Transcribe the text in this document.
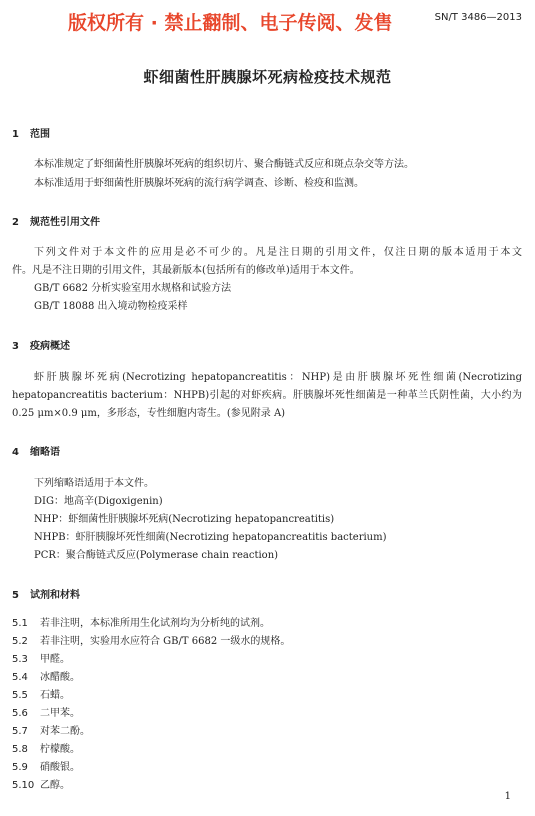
版权所有 · 禁止翻制、电子传阅、发售	SN/T 3486—2013
虾细菌性肝胰腺坏死病检疫技术规范
1 范围
本标准规定了虾细菌性肝胰腺坏死病的组织切片、聚合酶链式反应和斑点杂交等方法。
本标准适用于虾细菌性肝胰腺坏死病的流行病学调查、诊断、检疫和监测。
2 规范性引用文件
下列文件对于本文件的应用是必不可少的。凡是注日期的引用文件，仅注日期的版本适用于本文
件。凡是不注日期的引用文件，其最新版本(包括所有的修改单)适用于本文件。
GB/T 6682 分析实验室用水规格和试验方法
GB/T 18088 出入境动物检疫采样
3 疫病概述
虾肝胰腺坏死病(Necrotizing hepatopancreatitis：NHP)是由肝胰腺坏死性细菌(Necrotizing
hepatopancreatitis bacterium：NHPB)引起的对虾疾病。肝胰腺坏死性细菌是一种革兰氏阴性菌，大小约为
0.25 μm×0.9 μm，多形态，专性细胞内寄生。(参见附录 A)
4 缩略语
下列缩略语适用于本文件。
DIG：地高辛(Digoxigenin)
NHP：虾细菌性肝胰腺坏死病(Necrotizing hepatopancreatitis)
NHPB：虾肝胰腺坏死性细菌(Necrotizing hepatopancreatitis bacterium)
PCR：聚合酶链式反应(Polymerase chain reaction)
5 试剂和材料
5.1 若非注明，本标准所用生化试剂均为分析纯的试剂。
5.2 若非注明，实验用水应符合 GB/T 6682 一级水的规格。
5.3 甲醛。
5.4 冰醋酸。
5.5 石蜡。
5.6 二甲苯。
5.7 对苯二酚。
5.8 柠檬酸。
5.9 硝酸银。
5.10 乙醇。
1
